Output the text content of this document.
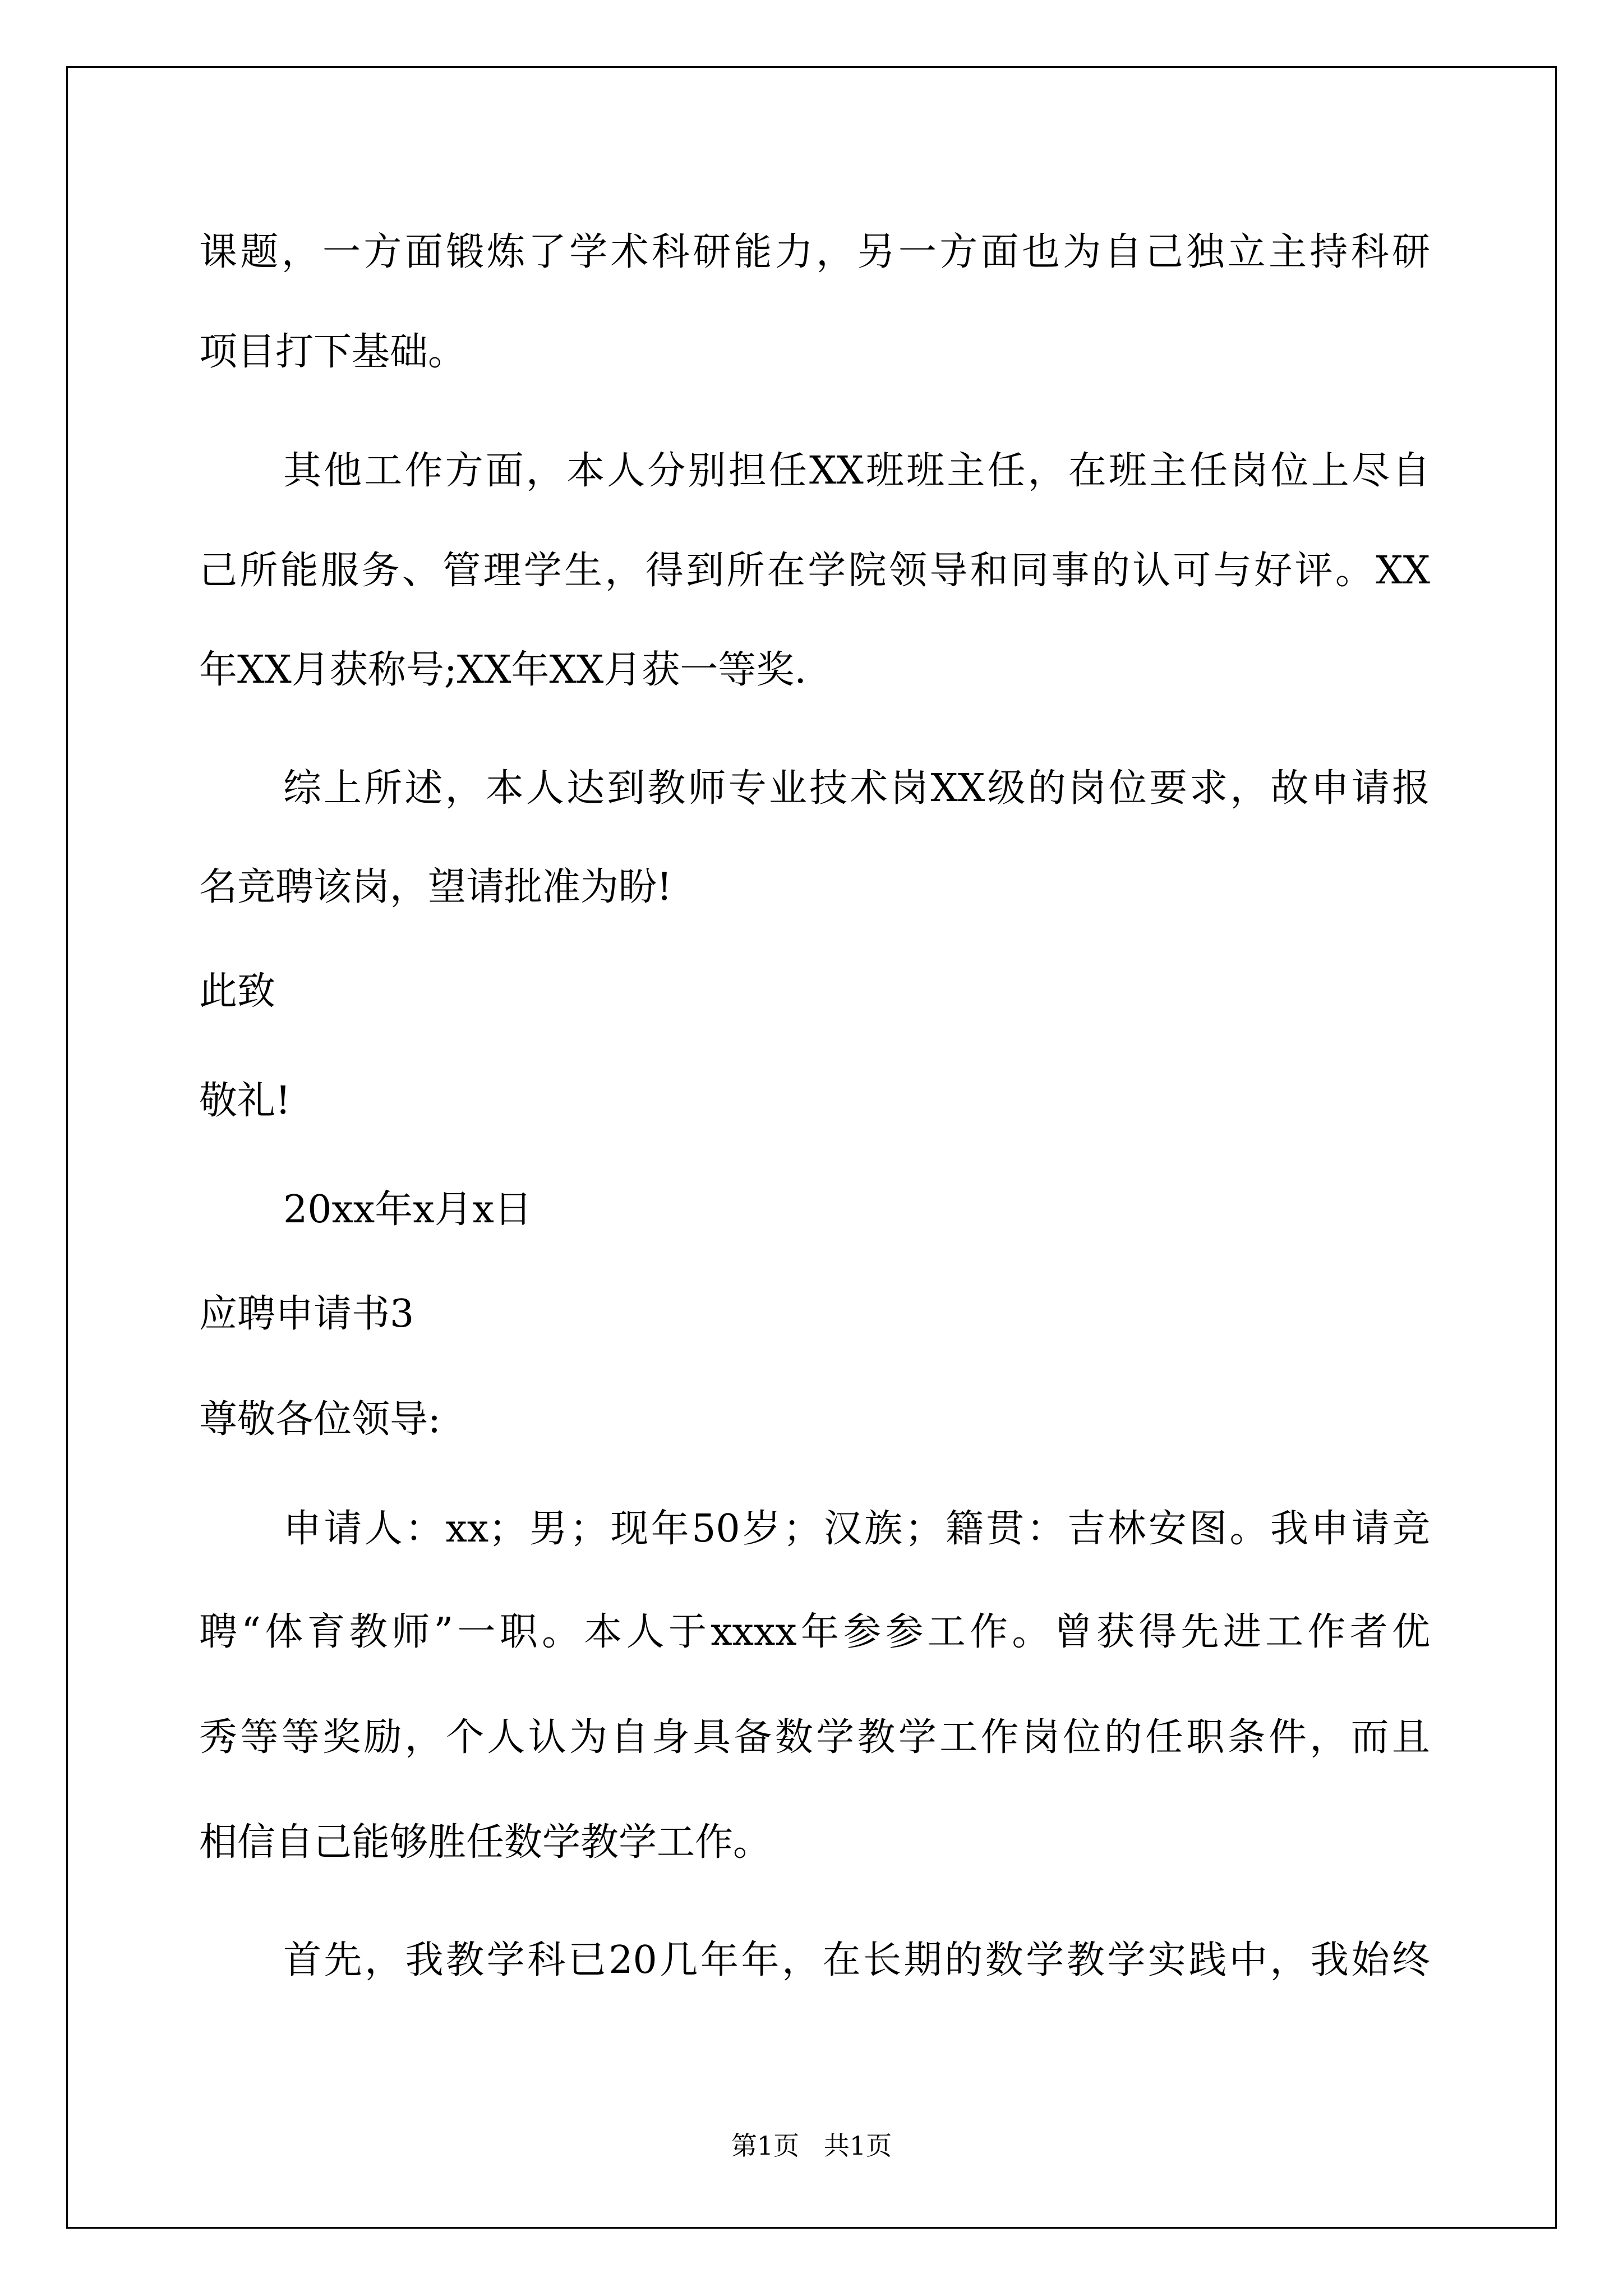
课题，一方面锻炼了学术科研能力，另一方面也为自己独立主持科研
项目打下基础。
其他工作方面，本人分别担任XX班班主任，在班主任岗位上尽自
己所能服务、管理学生，得到所在学院领导和同事的认可与好评。XX
年XX月获称号;XX年XX月获一等奖.
综上所述，本人达到教师专业技术岗XX级的岗位要求，故申请报
名竞聘该岗，望请批准为盼!
此致
敬礼!
20xx年x月x日
应聘申请书3
尊敬各位领导:
申请人：xx；男；现年50岁；汉族；籍贯：吉林安图。我申请竞
聘“体育教师”一职。本人于xxxx年参参工作。曾获得先进工作者优
秀等等奖励，个人认为自身具备数学教学工作岗位的任职条件，而且
相信自己能够胜任数学教学工作。
首先，我教学科已20几年年，在长期的数学教学实践中，我始终
第1页   共1页
